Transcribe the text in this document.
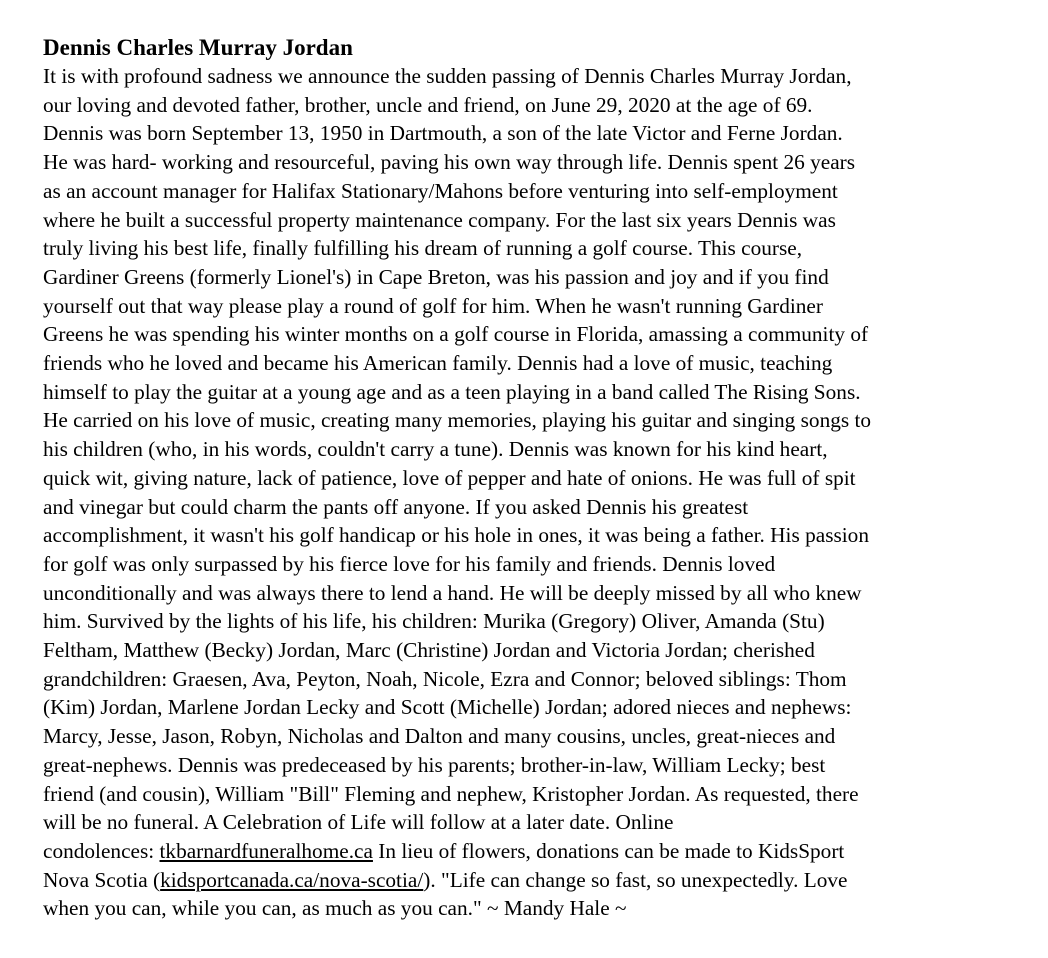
Dennis Charles Murray Jordan
It is with profound sadness we announce the sudden passing of Dennis Charles Murray Jordan,
our loving and devoted father, brother, uncle and friend, on June 29, 2020 at the age of 69.
Dennis was born September 13, 1950 in Dartmouth, a son of the late Victor and Ferne Jordan.
He was hard- working and resourceful, paving his own way through life. Dennis spent 26 years
as an account manager for Halifax Stationary/Mahons before venturing into self-employment
where he built a successful property maintenance company. For the last six years Dennis was
truly living his best life, finally fulfilling his dream of running a golf course. This course,
Gardiner Greens (formerly Lionel's) in Cape Breton, was his passion and joy and if you find
yourself out that way please play a round of golf for him. When he wasn't running Gardiner
Greens he was spending his winter months on a golf course in Florida, amassing a community of
friends who he loved and became his American family. Dennis had a love of music, teaching
himself to play the guitar at a young age and as a teen playing in a band called The Rising Sons.
He carried on his love of music, creating many memories, playing his guitar and singing songs to
his children (who, in his words, couldn't carry a tune). Dennis was known for his kind heart,
quick wit, giving nature, lack of patience, love of pepper and hate of onions. He was full of spit
and vinegar but could charm the pants off anyone. If you asked Dennis his greatest
accomplishment, it wasn't his golf handicap or his hole in ones, it was being a father. His passion
for golf was only surpassed by his fierce love for his family and friends. Dennis loved
unconditionally and was always there to lend a hand. He will be deeply missed by all who knew
him. Survived by the lights of his life, his children: Murika (Gregory) Oliver, Amanda (Stu)
Feltham, Matthew (Becky) Jordan, Marc (Christine) Jordan and Victoria Jordan; cherished
grandchildren: Graesen, Ava, Peyton, Noah, Nicole, Ezra and Connor; beloved siblings: Thom
(Kim) Jordan, Marlene Jordan Lecky and Scott (Michelle) Jordan; adored nieces and nephews:
Marcy, Jesse, Jason, Robyn, Nicholas and Dalton and many cousins, uncles, great-nieces and
great-nephews. Dennis was predeceased by his parents; brother-in-law, William Lecky; best
friend (and cousin), William "Bill" Fleming and nephew, Kristopher Jordan. As requested, there
will be no funeral. A Celebration of Life will follow at a later date. Online
condolences: tkbarnardfuneralhome.ca In lieu of flowers, donations can be made to KidsSport
Nova Scotia (kidsportcanada.ca/nova-scotia/). "Life can change so fast, so unexpectedly. Love
when you can, while you can, as much as you can." ~ Mandy Hale ~
